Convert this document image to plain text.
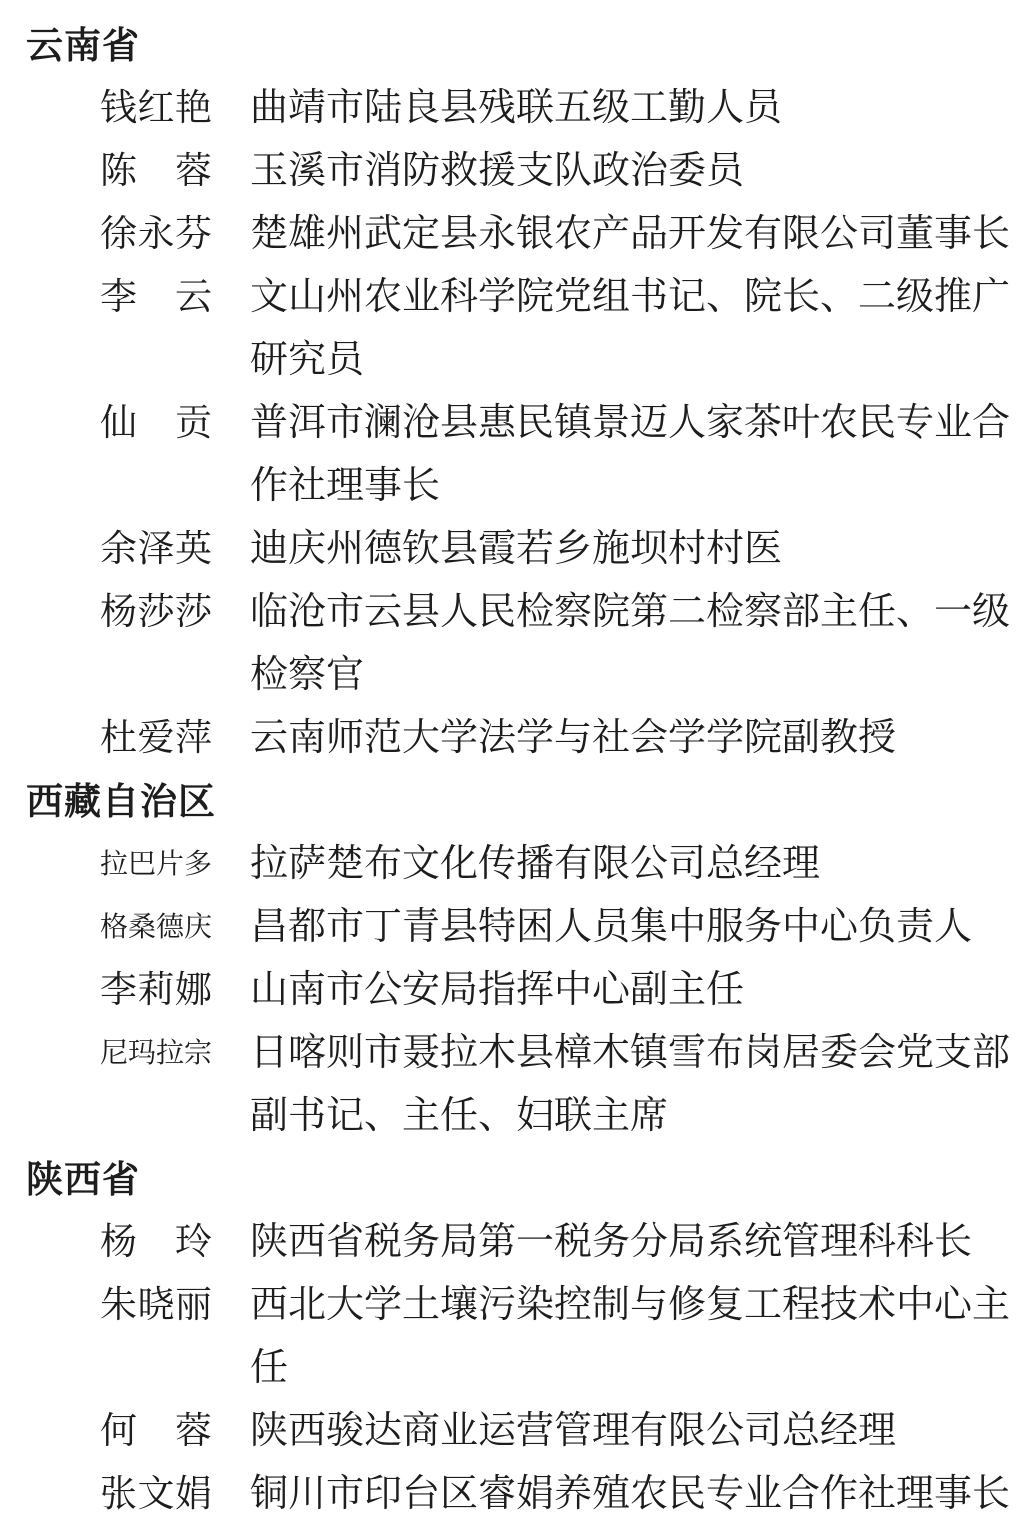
云南省
钱红艳 曲靖市陆良县残联五级工勤人员
陈蓉 玉溪市消防救援支队政治委员
徐永芬 楚雄州武定县永银农产品开发有限公司董事长
李云 文山州农业科学院党组书记、院长、二级推广研究员
仙贡 普洱市澜沧县惠民镇景迈人家茶叶农民专业合作社理事长
余泽英 迪庆州德钦县霞若乡施坝村村医
杨莎莎 临沧市云县人民检察院第二检察部主任、一级检察官
杜爱萍 云南师范大学法学与社会学学院副教授
西藏自治区
拉巴片多 拉萨楚布文化传播有限公司总经理
格桑德庆 昌都市丁青县特困人员集中服务中心负责人
李莉娜 山南市公安局指挥中心副主任
尼玛拉宗 日喀则市聂拉木县樟木镇雪布岗居委会党支部副书记、主任、妇联主席
陕西省
杨玲 陕西省税务局第一税务分局系统管理科科长
朱晓丽 西北大学土壤污染控制与修复工程技术中心主任
何蓉 陕西骏达商业运营管理有限公司总经理
张文娟 铜川市印台区睿娟养殖农民专业合作社理事长
